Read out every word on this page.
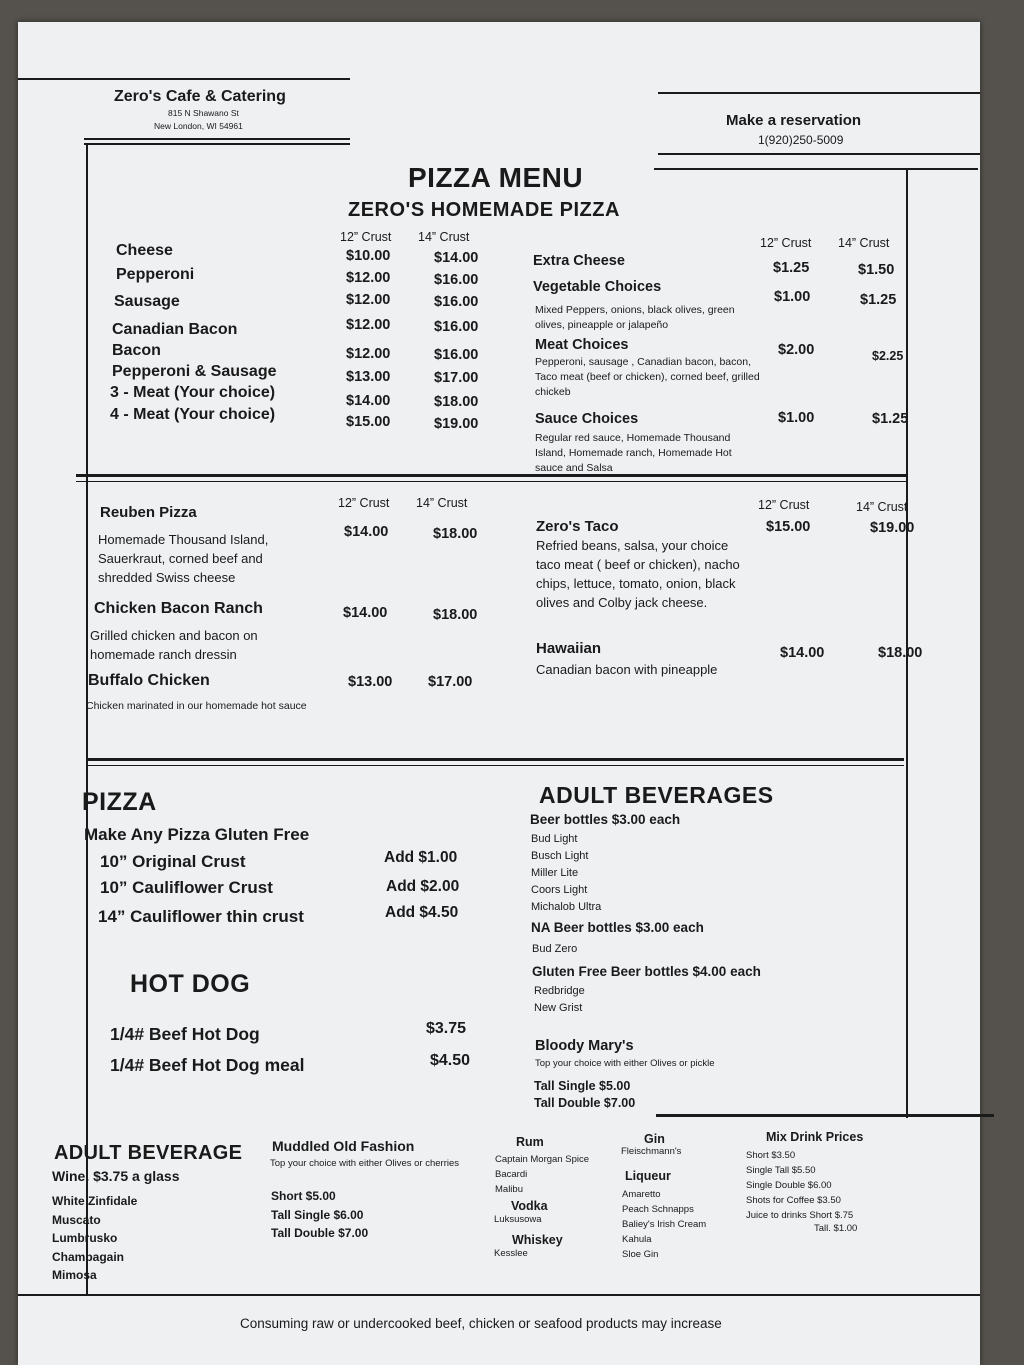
Zero's Cafe & Catering
815 N Shawano St
New London, WI 54961	Make a reservation
1(920)250-5009
PIZZA MENU
ZERO'S HOMEMADE PIZZA
12” Crust 14” Crust
Cheese	$10.00	$14.00
Pepperoni	$12.00	$16.00
Sausage	$12.00	$16.00
Canadian Bacon	$12.00	$16.00
Bacon	$12.00	$16.00
Pepperoni & Sausage	$13.00	$17.00
3 - Meat (Your choice)	$14.00	$18.00
4 - Meat (Your choice)	$15.00	$19.00
12” Crust 14” Crust
Extra Cheese	$1.25	$1.50
Vegetable Choices
Mixed Peppers, onions, black olives, green olives, pineapple or jalapeño
$1.00	$1.25
Meat Choices
Pepperoni, sausage , Canadian bacon, bacon, Taco meat (beef or chicken), corned beef, grilled chickeb
$2.00	$2.25
Sauce Choices
Regular red sauce, Homemade Thousand Island, Homemade ranch, Homemade Hot sauce and Salsa
$1.00	$1.25
12” Crust 14” Crust
Reuben Pizza
Homemade Thousand Island, Sauerkraut, corned beef and shredded Swiss cheese
$14.00	$18.00
Chicken Bacon Ranch
Grilled chicken and bacon on homemade ranch dressin
$14.00	$18.00
Buffalo Chicken
Chicken marinated in our homemade hot sauce
$13.00 $17.00
12” Crust	14” Crust
Zero's Taco
Refried beans, salsa, your choice taco meat ( beef or chicken), nacho chips, lettuce, tomato, onion, black olives and Colby jack cheese.
$15.00	$19.00
Hawaiian
Canadian bacon with pineapple
$14.00	$18.00
PIZZA
Make Any Pizza Gluten Free
10” Original Crust	Add $1.00
10” Cauliflower Crust	Add $2.00
14” Cauliflower thin crust	Add $4.50
HOT DOG
1/4# Beef Hot Dog	$3.75
1/4# Beef Hot Dog meal	$4.50
ADULT BEVERAGES
Beer bottles $3.00 each
Bud Light
Busch Light
Miller Lite
Coors Light
Michalob Ultra
NA Beer bottles $3.00 each
Bud Zero
Gluten Free Beer bottles $4.00 each
Redbridge
New Grist
Bloody Mary's
Top your choice with either Olives or pickle
Tall Single $5.00
Tall Double $7.00
ADULT BEVERAGE
Wine. $3.75 a glass
White Zinfidale
Muscato
Lumbrusko
Champagain
Mimosa
Muddled Old Fashion
Top your choice with either Olives or cherries
Short $5.00
Tall Single $6.00
Tall Double $7.00
Rum
Captain Morgan Spice
Bacardi
Malibu
Vodka
Luksusowa
Whiskey
Kesslee
Gin
Fleischmann's
Liqueur
Amaretto
Peach Schnapps
Baliey's Irish Cream
Kahula
Sloe Gin
Mix Drink Prices
Short $3.50
Single Tall $5.50
Single Double $6.00
Shots for Coffee $3.50
Juice to drinks Short $.75
Tall. $1.00
Consuming raw or undercooked beef, chicken or seafood products may increase
